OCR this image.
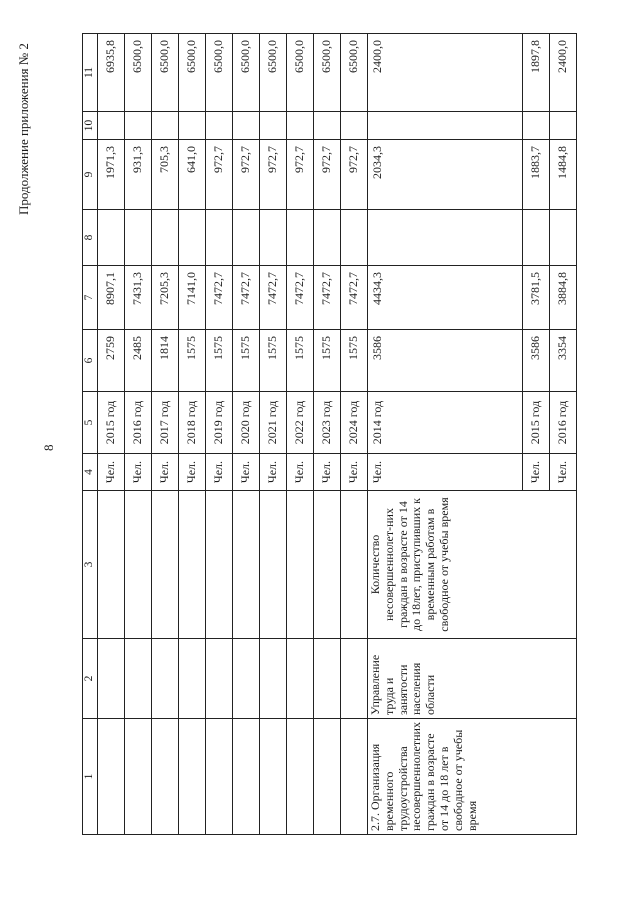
8
Продолжение приложения № 2
1	2	3	4	5	6	7	8	9	10	11
			Чел.	2015 год	2759	8907,1		1971,3		6935,8
			Чел.	2016 год	2485	7431,3		931,3		6500,0
			Чел.	2017 год	1814	7205,3		705,3		6500,0
			Чел.	2018 год	1575	7141,0		641,0		6500,0
			Чел.	2019 год	1575	7472,7		972,7		6500,0
			Чел.	2020 год	1575	7472,7		972,7		6500,0
			Чел.	2021 год	1575	7472,7		972,7		6500,0
			Чел.	2022 год	1575	7472,7		972,7		6500,0
			Чел.	2023 год	1575	7472,7		972,7		6500,0
			Чел.	2024 год	1575	7472,7		972,7		6500,0
2.7. Организация временного трудоустройства несовершеннолетних граждан в возрасте от 14 до 18 лет в свободное от учебы время	Управление труда и занятости населения области	Количество несовершеннолет-них граждан в возрасте от 14 до 18лет, приступивших к временным работам в свободное от учебы время	Чел.	2014 год	3586	4434,3		2034,3		2400,0
			Чел.	2015 год	3586	3781,5		1883,7		1897,8
			Чел.	2016 год	3354	3884,8		1484,8		2400,0
